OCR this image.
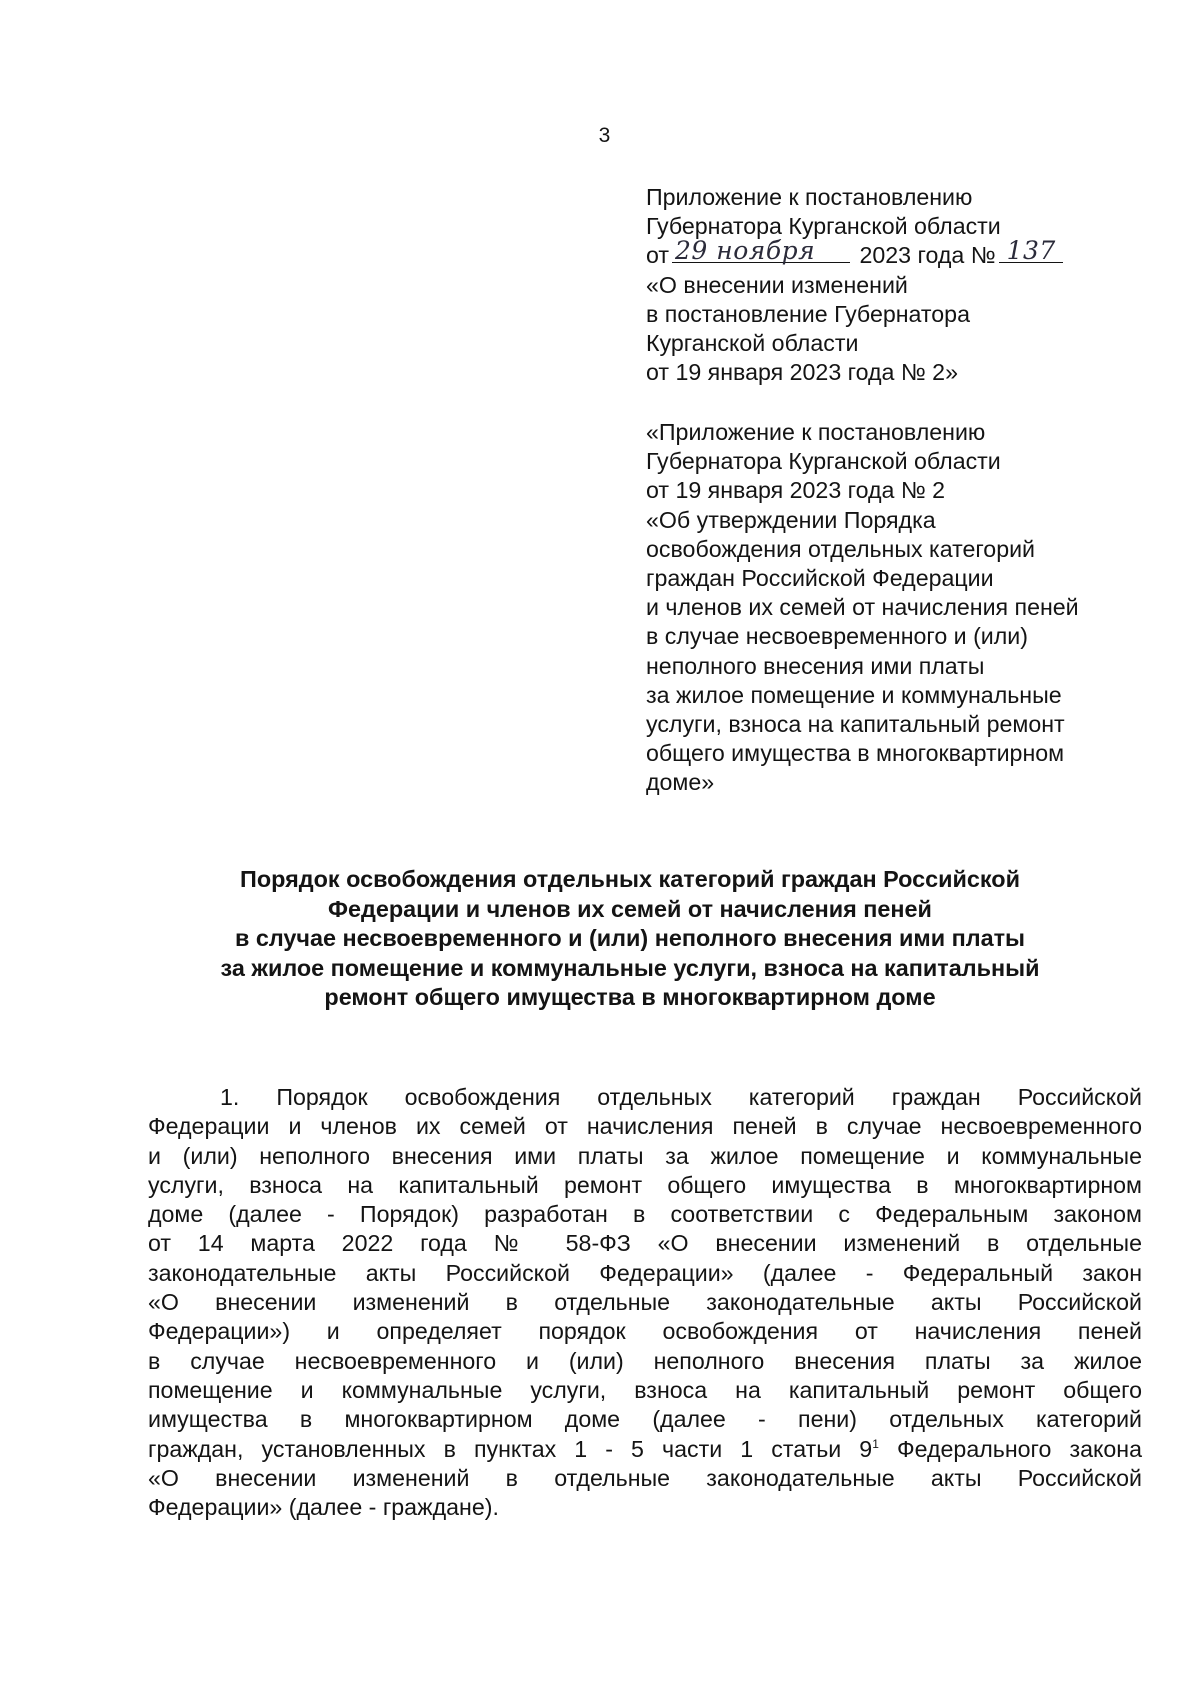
3
Приложение к постановлению
Губернатора Курганской области
от 29 ноября 2023 года № 137
«О внесении изменений
в постановление Губернатора
Курганской области
от 19 января 2023 года № 2»
«Приложение к постановлению
Губернатора Курганской области
от 19 января 2023 года № 2
«Об утверждении Порядка
освобождения отдельных категорий
граждан Российской Федерации
и членов их семей от начисления пеней
в случае несвоевременного и (или)
неполного внесения ими платы
за жилое помещение и коммунальные
услуги, взноса на капитальный ремонт
общего имущества в многоквартирном
доме»
Порядок освобождения отдельных категорий граждан Российской
Федерации и членов их семей от начисления пеней
в случае несвоевременного и (или) неполного внесения ими платы
за жилое помещение и коммунальные услуги, взноса на капитальный
ремонт общего имущества в многоквартирном доме
1. Порядок освобождения отдельных категорий граждан Российской
Федерации и членов их семей от начисления пеней в случае несвоевременного
и (или) неполного внесения ими платы за жилое помещение и коммунальные
услуги, взноса на капитальный ремонт общего имущества в многоквартирном
доме (далее - Порядок) разработан в соответствии с Федеральным законом
от 14 марта 2022 года № 58-ФЗ «О внесении изменений в отдельные
законодательные акты Российской Федерации» (далее - Федеральный закон
«О внесении изменений в отдельные законодательные акты Российской
Федерации») и определяет порядок освобождения от начисления пеней
в случае несвоевременного и (или) неполного внесения платы за жилое
помещение и коммунальные услуги, взноса на капитальный ремонт общего
имущества в многоквартирном доме (далее - пени) отдельных категорий
граждан, установленных в пунктах 1 - 5 части 1 статьи $9^1$ Федерального закона
«О внесении изменений в отдельные законодательные акты Российской
Федерации» (далее - граждане).
